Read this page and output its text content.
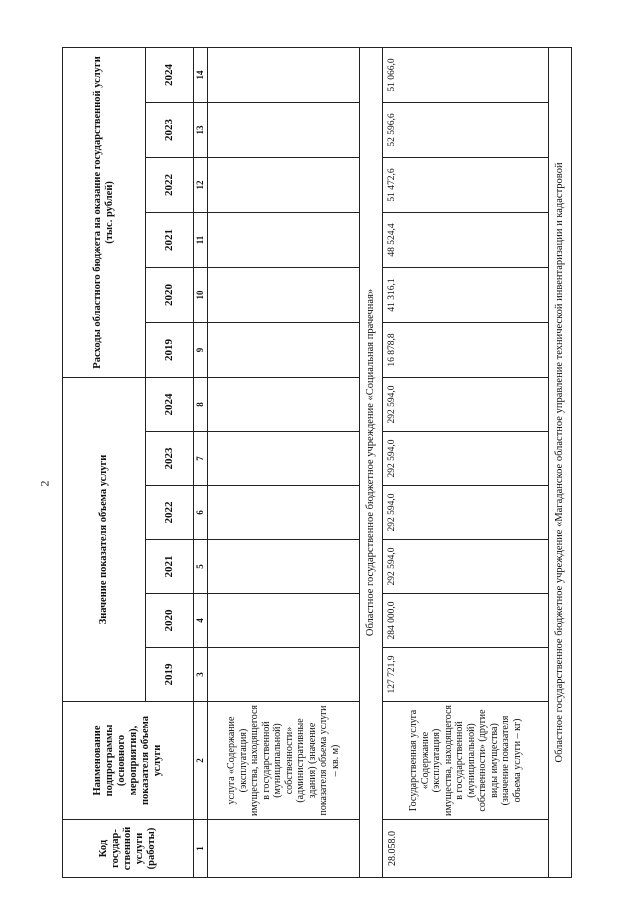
2
Код государ-ственной услуги (работы)	Наименование подпрограммы (основного мероприятия), показателя объема услуги	Значение показателя объема услуги						Расходы областного бюджета на оказание государственной услуги (тыс. рублей)					
		2019	2020	2021	2022	2023	2024	2019	2020	2021	2022	2023	2024
1	2	3	4	5	6	7	8	9	10	11	12	13	14
	услуга «Содержание (эксплуатация) имущества, находящегося в государственной (муниципальной) собственности» (административные здания) (значение показателя объема услуги – кв. м)												
Областное государственное бюджетное учреждение «Социальная прачечная»													
28.058.0	Государственная услуга «Содержание (эксплуатация) имущества, находящегося в государственной (муниципальной) собственности» (другие виды имущества) (значение показателя объема услуги – кг)	127 721,9	284 000,0	292 594,0	292 594,0	292 594,0	292 594,0	16 878,8	41 316,1	48 524,4	51 472,6	52 596,6	51 066,0
Областное государственное бюджетное учреждение «Магаданское областное управление технической инвентаризации и кадастровой													
